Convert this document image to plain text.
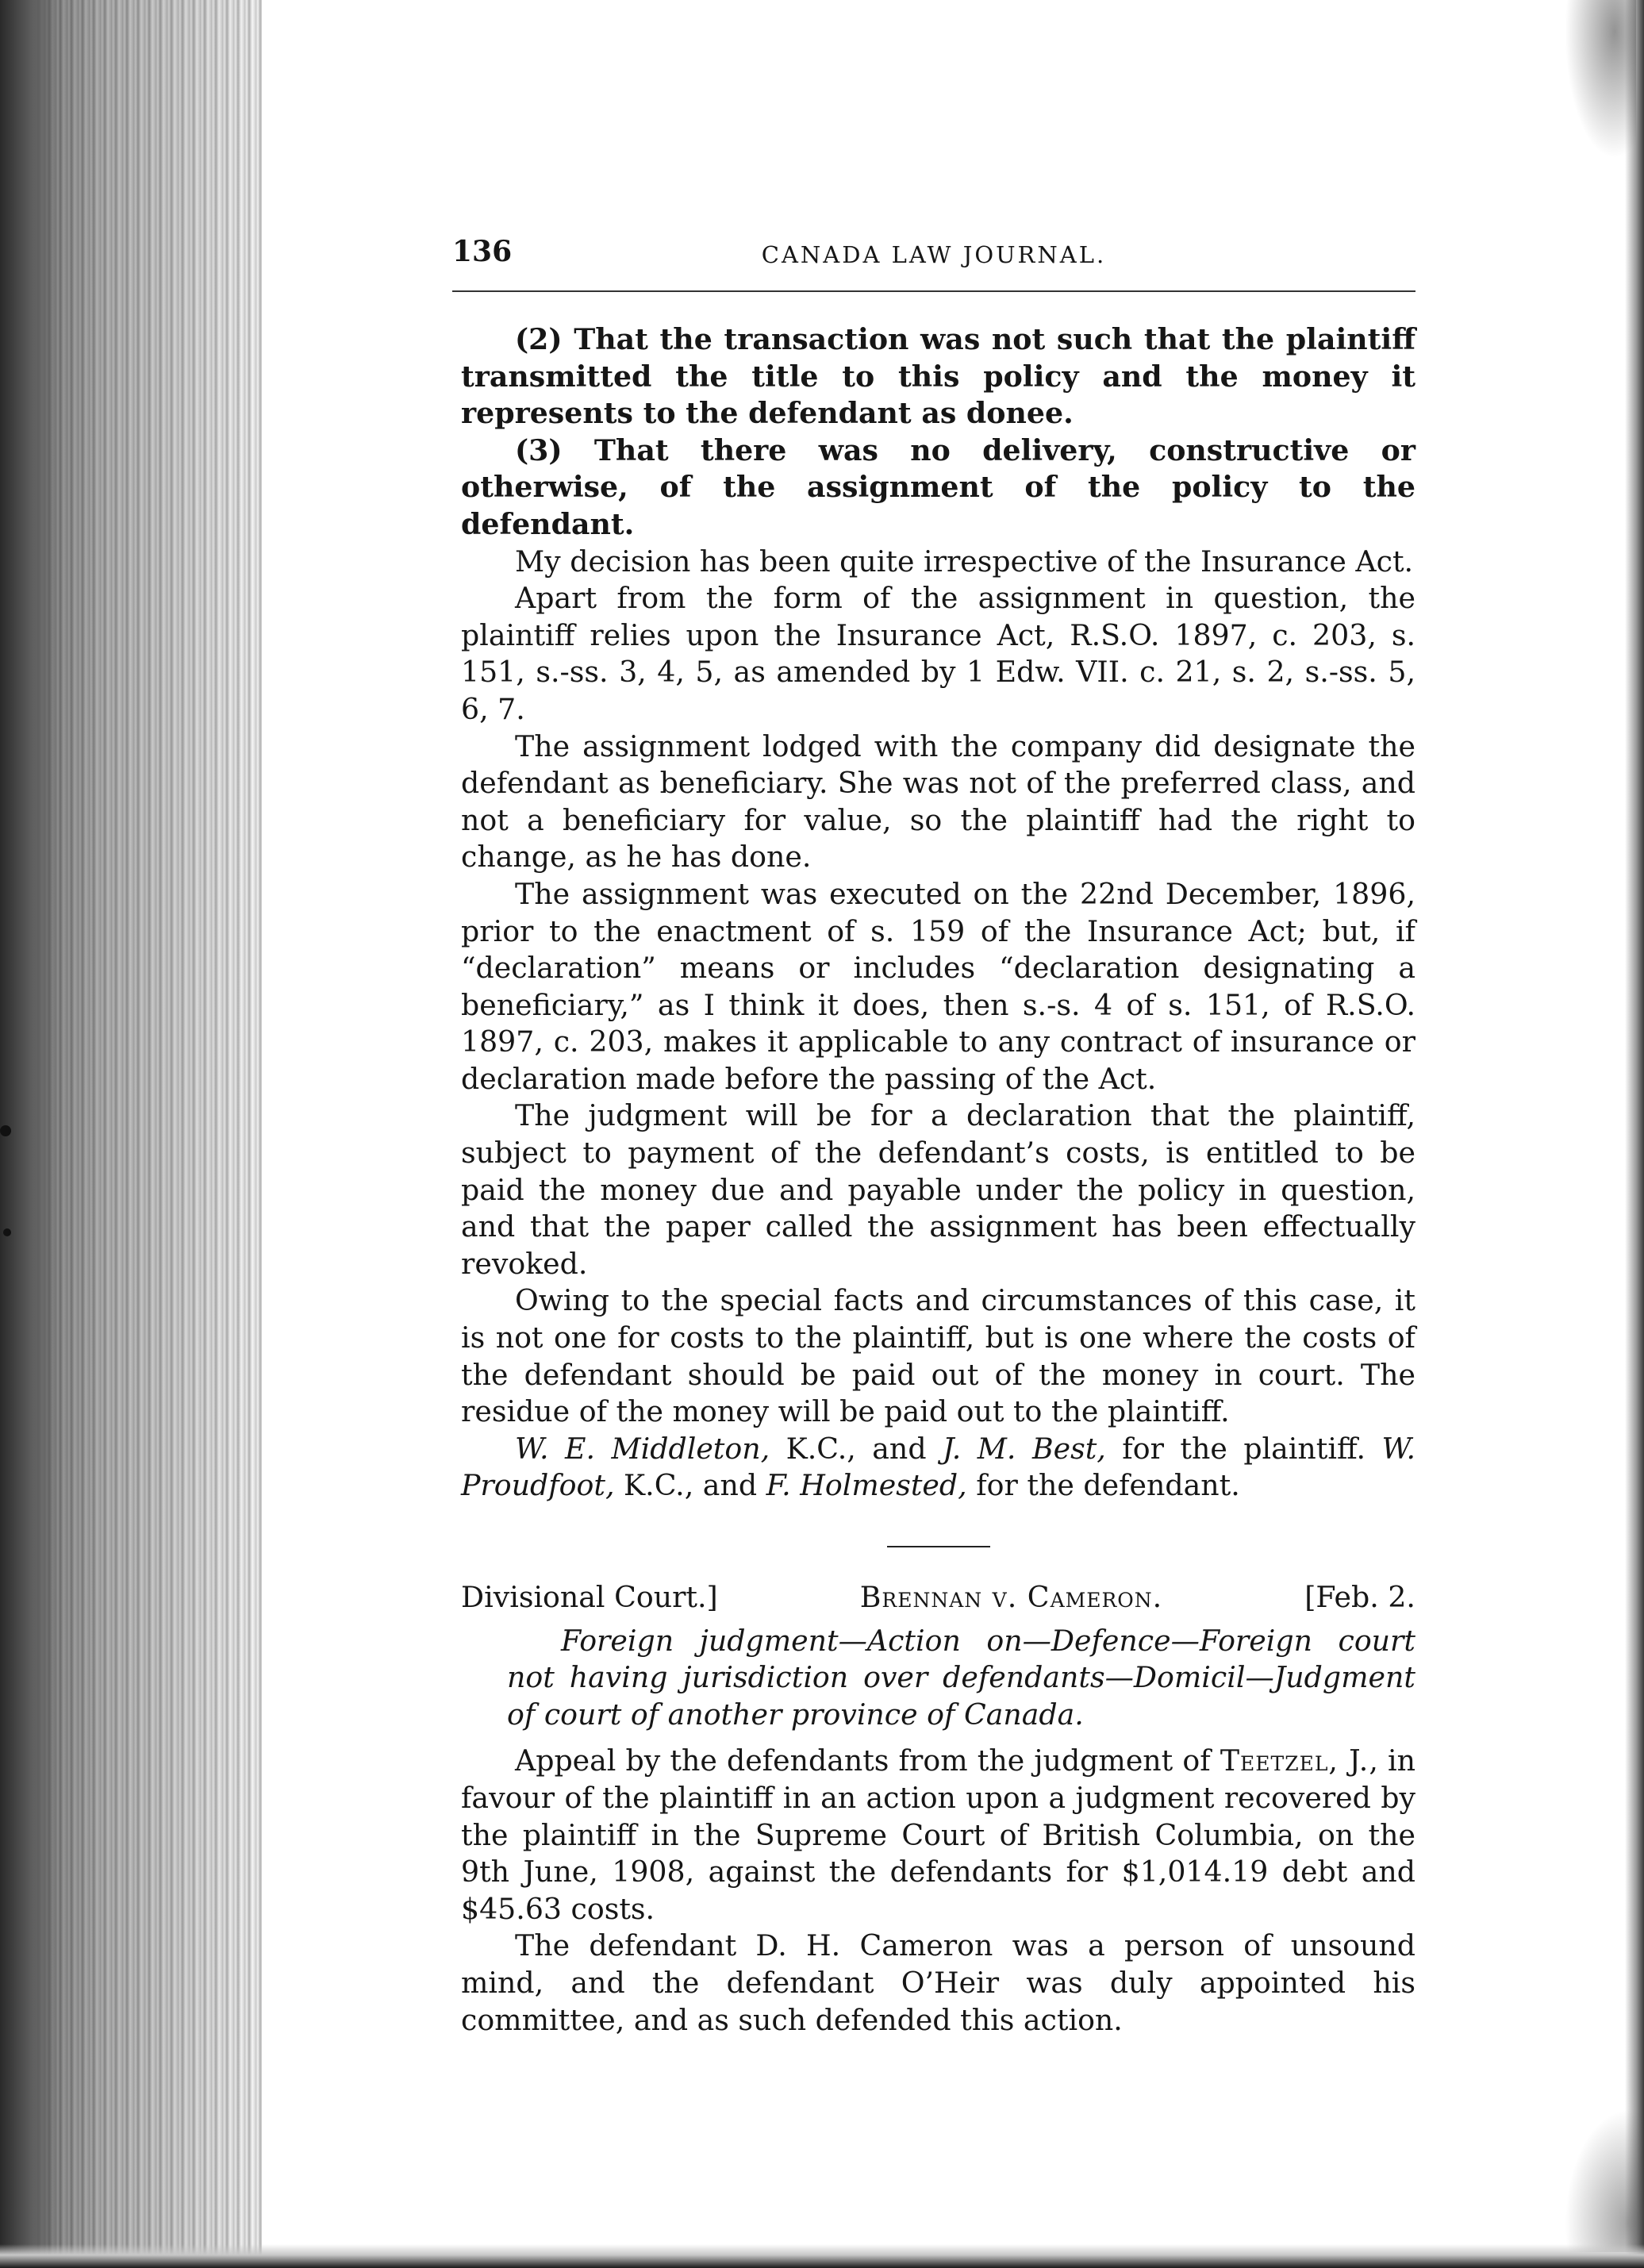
136	CANADA LAW JOURNAL.

(2) That the transaction was not such that the plaintiff transmitted the title to this policy and the money it represents to the defendant as donee.

(3) That there was no delivery, constructive or otherwise, of the assignment of the policy to the defendant.

My decision has been quite irrespective of the Insurance Act.

Apart from the form of the assignment in question, the plaintiff relies upon the Insurance Act, R.S.O. 1897, c. 203, s. 151, s.-ss. 3, 4, 5, as amended by 1 Edw. VII. c. 21, s. 2, s.-ss. 5, 6, 7.

The assignment lodged with the company did designate the defendant as beneficiary. She was not of the preferred class, and not a beneficiary for value, so the plaintiff had the right to change, as he has done.

The assignment was executed on the 22nd December, 1896, prior to the enactment of s. 159 of the Insurance Act; but, if “declaration” means or includes “declaration designating a beneficiary,” as I think it does, then s.-s. 4 of s. 151, of R.S.O. 1897, c. 203, makes it applicable to any contract of insurance or declaration made before the passing of the Act.

The judgment will be for a declaration that the plaintiff, subject to payment of the defendant’s costs, is entitled to be paid the money due and payable under the policy in question, and that the paper called the assignment has been effectually revoked.

Owing to the special facts and circumstances of this case, it is not one for costs to the plaintiff, but is one where the costs of the defendant should be paid out of the money in court. The residue of the money will be paid out to the plaintiff.

W. E. Middleton, K.C., and J. M. Best, for the plaintiff. W. Proudfoot, K.C., and F. Holmested, for the defendant.

Divisional Court.]	Brennan v. Cameron.	[Feb. 2.

Foreign judgment—Action on—Defence—Foreign court not having jurisdiction over defendants—Domicil—Judgment of court of another province of Canada.

Appeal by the defendants from the judgment of Teetzel, J., in favour of the plaintiff in an action upon a judgment recovered by the plaintiff in the Supreme Court of British Columbia, on the 9th June, 1908, against the defendants for $1,014.19 debt and $45.63 costs.

The defendant D. H. Cameron was a person of unsound mind, and the defendant O’Heir was duly appointed his committee, and as such defended this action.
